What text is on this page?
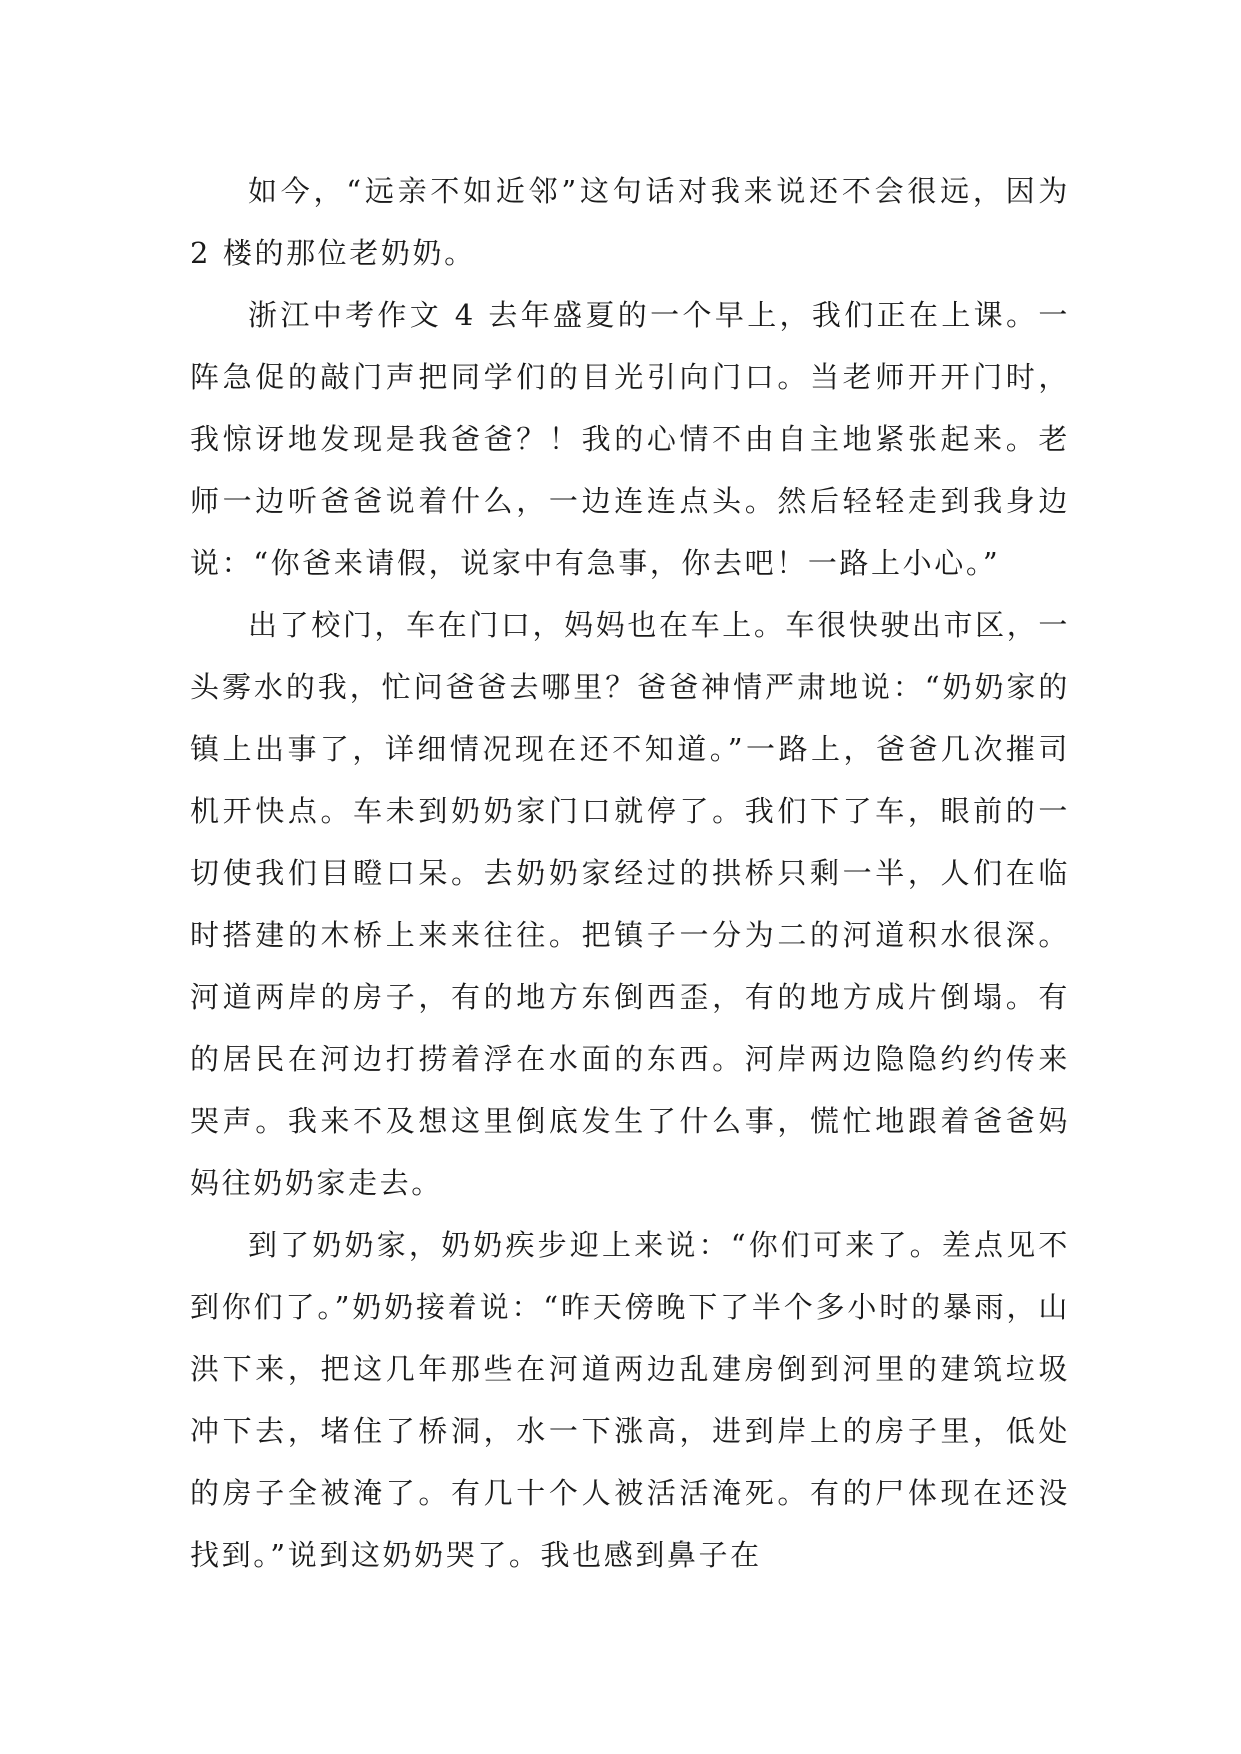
如今，“远亲不如近邻”这句话对我来说还不会很远，因为 2 楼的那位老奶奶。

浙江中考作文 4 去年盛夏的一个早上，我们正在上课。一阵急促的敲门声把同学们的目光引向门口。当老师开开门时，我惊讶地发现是我爸爸？！我的心情不由自主地紧张起来。老师一边听爸爸说着什么，一边连连点头。然后轻轻走到我身边说：“你爸来请假，说家中有急事，你去吧！一路上小心。”

出了校门，车在门口，妈妈也在车上。车很快驶出市区，一头雾水的我，忙问爸爸去哪里？爸爸神情严肃地说：“奶奶家的镇上出事了，详细情况现在还不知道。”一路上，爸爸几次摧司机开快点。车未到奶奶家门口就停了。我们下了车，眼前的一切使我们目瞪口呆。去奶奶家经过的拱桥只剩一半，人们在临时搭建的木桥上来来往往。把镇子一分为二的河道积水很深。河道两岸的房子，有的地方东倒西歪，有的地方成片倒塌。有的居民在河边打捞着浮在水面的东西。河岸两边隐隐约约传来哭声。我来不及想这里倒底发生了什么事，慌忙地跟着爸爸妈妈往奶奶家走去。

到了奶奶家，奶奶疾步迎上来说：“你们可来了。差点见不到你们了。”奶奶接着说：“昨天傍晚下了半个多小时的暴雨，山洪下来，把这几年那些在河道两边乱建房倒到河里的建筑垃圾冲下去，堵住了桥洞，水一下涨高，进到岸上的房子里，低处的房子全被淹了。有几十个人被活活淹死。有的尸体现在还没找到。”说到这奶奶哭了。我也感到鼻子在
